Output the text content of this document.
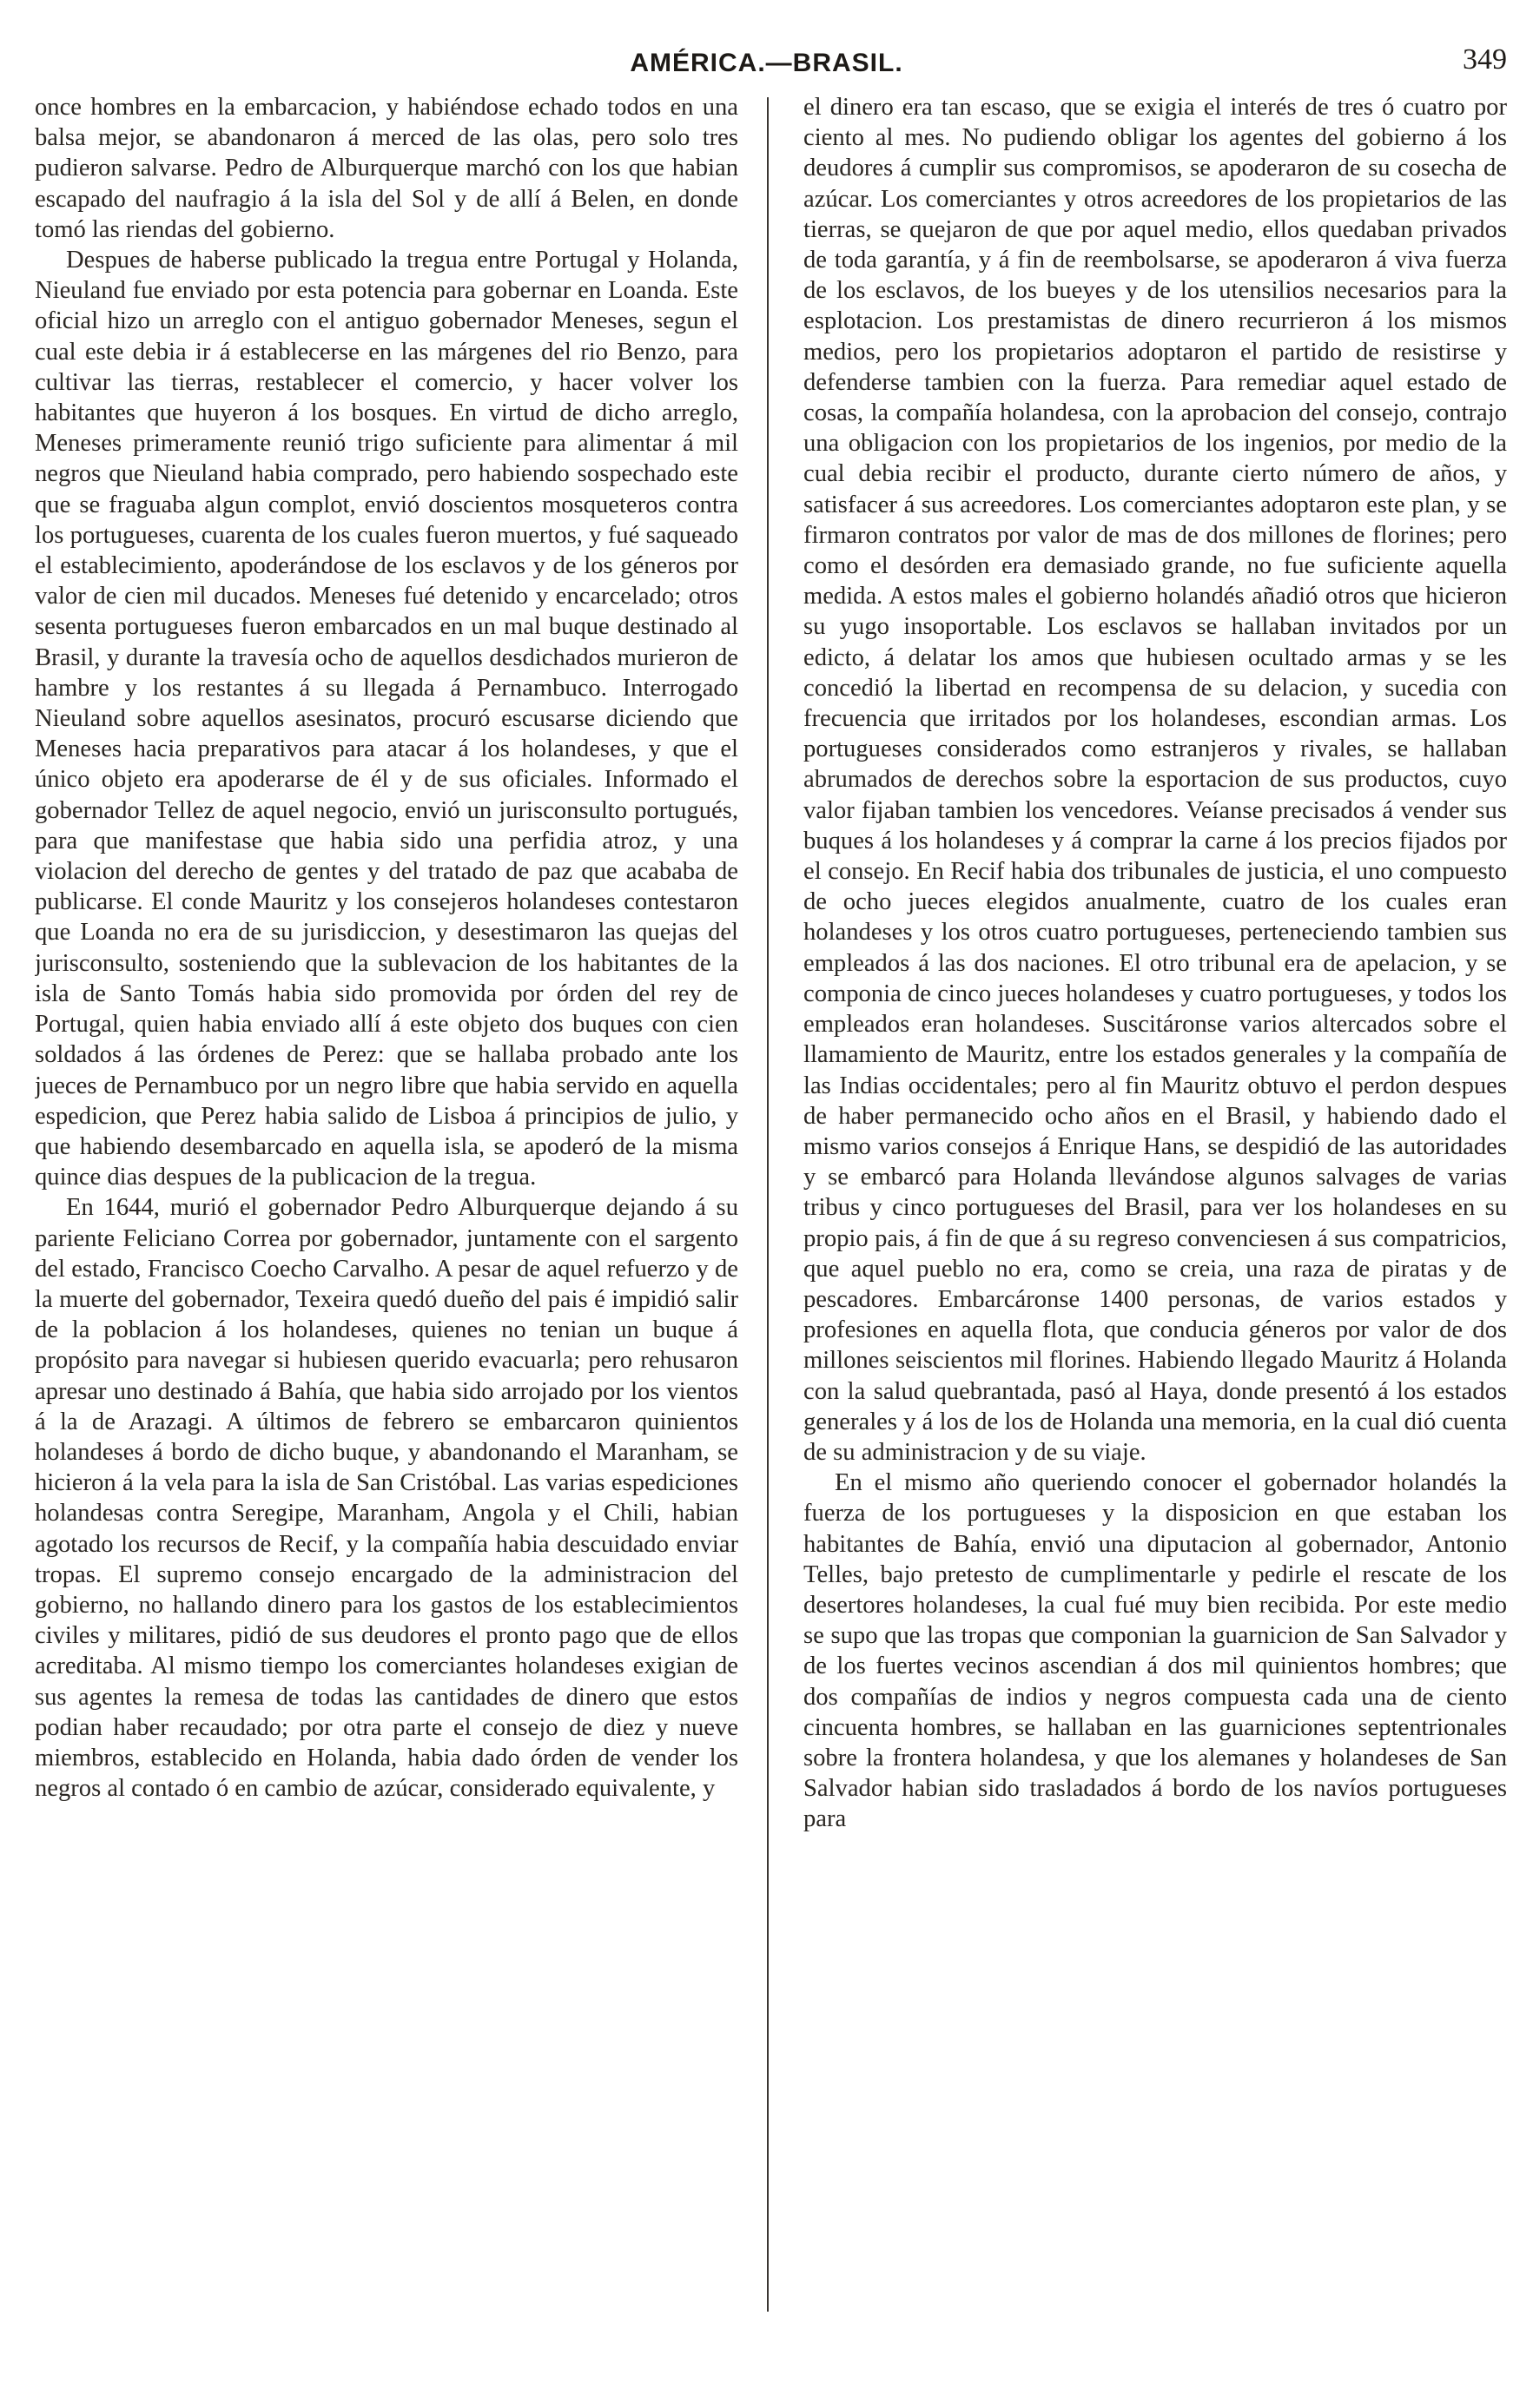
AMÉRICA.—BRASIL.	349

once hombres en la embarcacion, y habiéndose echado todos en una balsa mejor, se abandonaron á merced de las olas, pero solo tres pudieron salvarse. Pedro de Alburquerque marchó con los que habian escapado del naufragio á la isla del Sol y de allí á Belen, en donde tomó las riendas del gobierno.

Despues de haberse publicado la tregua entre Portugal y Holanda, Nieuland fue enviado por esta potencia para gobernar en Loanda. Este oficial hizo un arreglo con el antiguo gobernador Meneses, segun el cual este debia ir á establecerse en las márgenes del rio Benzo, para cultivar las tierras, restablecer el comercio, y hacer volver los habitantes que huyeron á los bosques. En virtud de dicho arreglo, Meneses primeramente reunió trigo suficiente para alimentar á mil negros que Nieuland habia comprado, pero habiendo sospechado este que se fraguaba algun complot, envió doscientos mosqueteros contra los portugueses, cuarenta de los cuales fueron muertos, y fué saqueado el establecimiento, apoderándose de los esclavos y de los géneros por valor de cien mil ducados. Meneses fué detenido y encarcelado; otros sesenta portugueses fueron embarcados en un mal buque destinado al Brasil, y durante la travesía ocho de aquellos desdichados murieron de hambre y los restantes á su llegada á Pernambuco. Interrogado Nieuland sobre aquellos asesinatos, procuró escusarse diciendo que Meneses hacia preparativos para atacar á los holandeses, y que el único objeto era apoderarse de él y de sus oficiales. Informado el gobernador Tellez de aquel negocio, envió un jurisconsulto portugués, para que manifestase que habia sido una perfidia atroz, y una violacion del derecho de gentes y del tratado de paz que acababa de publicarse. El conde Mauritz y los consejeros holandeses contestaron que Loanda no era de su jurisdiccion, y desestimaron las quejas del jurisconsulto, sosteniendo que la sublevacion de los habitantes de la isla de Santo Tomás habia sido promovida por órden del rey de Portugal, quien habia enviado allí á este objeto dos buques con cien soldados á las órdenes de Perez: que se hallaba probado ante los jueces de Pernambuco por un negro libre que habia servido en aquella espedicion, que Perez habia salido de Lisboa á principios de julio, y que habiendo desembarcado en aquella isla, se apoderó de la misma quince dias despues de la publicacion de la tregua.

En 1644, murió el gobernador Pedro Alburquerque dejando á su pariente Feliciano Correa por gobernador, juntamente con el sargento del estado, Francisco Coecho Carvalho. A pesar de aquel refuerzo y de la muerte del gobernador, Texeira quedó dueño del pais é impidió salir de la poblacion á los holandeses, quienes no tenian un buque á propósito para navegar si hubiesen querido evacuarla; pero rehusaron apresar uno destinado á Bahía, que habia sido arrojado por los vientos á la de Arazagi. A últimos de febrero se embarcaron quinientos holandeses á bordo de dicho buque, y abandonando el Maranham, se hicieron á la vela para la isla de San Cristóbal. Las varias espediciones holandesas contra Seregipe, Maranham, Angola y el Chili, habian agotado los recursos de Recif, y la compañía habia descuidado enviar tropas. El supremo consejo encargado de la administracion del gobierno, no hallando dinero para los gastos de los establecimientos civiles y militares, pidió de sus deudores el pronto pago que de ellos acreditaba. Al mismo tiempo los comerciantes holandeses exigian de sus agentes la remesa de todas las cantidades de dinero que estos podian haber recaudado; por otra parte el consejo de diez y nueve miembros, establecido en Holanda, habia dado órden de vender los negros al contado ó en cambio de azúcar, considerado equivalente, y

el dinero era tan escaso, que se exigia el interés de tres ó cuatro por ciento al mes. No pudiendo obligar los agentes del gobierno á los deudores á cumplir sus compromisos, se apoderaron de su cosecha de azúcar. Los comerciantes y otros acreedores de los propietarios de las tierras, se quejaron de que por aquel medio, ellos quedaban privados de toda garantía, y á fin de reembolsarse, se apoderaron á viva fuerza de los esclavos, de los bueyes y de los utensilios necesarios para la esplotacion. Los prestamistas de dinero recurrieron á los mismos medios, pero los propietarios adoptaron el partido de resistirse y defenderse tambien con la fuerza. Para remediar aquel estado de cosas, la compañía holandesa, con la aprobacion del consejo, contrajo una obligacion con los propietarios de los ingenios, por medio de la cual debia recibir el producto, durante cierto número de años, y satisfacer á sus acreedores. Los comerciantes adoptaron este plan, y se firmaron contratos por valor de mas de dos millones de florines; pero como el desórden era demasiado grande, no fue suficiente aquella medida. A estos males el gobierno holandés añadió otros que hicieron su yugo insoportable. Los esclavos se hallaban invitados por un edicto, á delatar los amos que hubiesen ocultado armas y se les concedió la libertad en recompensa de su delacion, y sucedia con frecuencia que irritados por los holandeses, escondian armas. Los portugueses considerados como estranjeros y rivales, se hallaban abrumados de derechos sobre la esportacion de sus productos, cuyo valor fijaban tambien los vencedores. Veíanse precisados á vender sus buques á los holandeses y á comprar la carne á los precios fijados por el consejo. En Recif habia dos tribunales de justicia, el uno compuesto de ocho jueces elegidos anualmente, cuatro de los cuales eran holandeses y los otros cuatro portugueses, perteneciendo tambien sus empleados á las dos naciones. El otro tribunal era de apelacion, y se componia de cinco jueces holandeses y cuatro portugueses, y todos los empleados eran holandeses. Suscitáronse varios altercados sobre el llamamiento de Mauritz, entre los estados generales y la compañía de las Indias occidentales; pero al fin Mauritz obtuvo el perdon despues de haber permanecido ocho años en el Brasil, y habiendo dado el mismo varios consejos á Enrique Hans, se despidió de las autoridades y se embarcó para Holanda llevándose algunos salvages de varias tribus y cinco portugueses del Brasil, para ver los holandeses en su propio pais, á fin de que á su regreso convenciesen á sus compatricios, que aquel pueblo no era, como se creia, una raza de piratas y de pescadores. Embarcáronse 1400 personas, de varios estados y profesiones en aquella flota, que conducia géneros por valor de dos millones seiscientos mil florines. Habiendo llegado Mauritz á Holanda con la salud quebrantada, pasó al Haya, donde presentó á los estados generales y á los de los de Holanda una memoria, en la cual dió cuenta de su administracion y de su viaje.

En el mismo año queriendo conocer el gobernador holandés la fuerza de los portugueses y la disposicion en que estaban los habitantes de Bahía, envió una diputacion al gobernador, Antonio Telles, bajo pretesto de cumplimentarle y pedirle el rescate de los desertores holandeses, la cual fué muy bien recibida. Por este medio se supo que las tropas que componian la guarnicion de San Salvador y de los fuertes vecinos ascendian á dos mil quinientos hombres; que dos compañías de indios y negros compuesta cada una de ciento cincuenta hombres, se hallaban en las guarniciones septentrionales sobre la frontera holandesa, y que los alemanes y holandeses de San Salvador habian sido trasladados á bordo de los navíos portugueses para
